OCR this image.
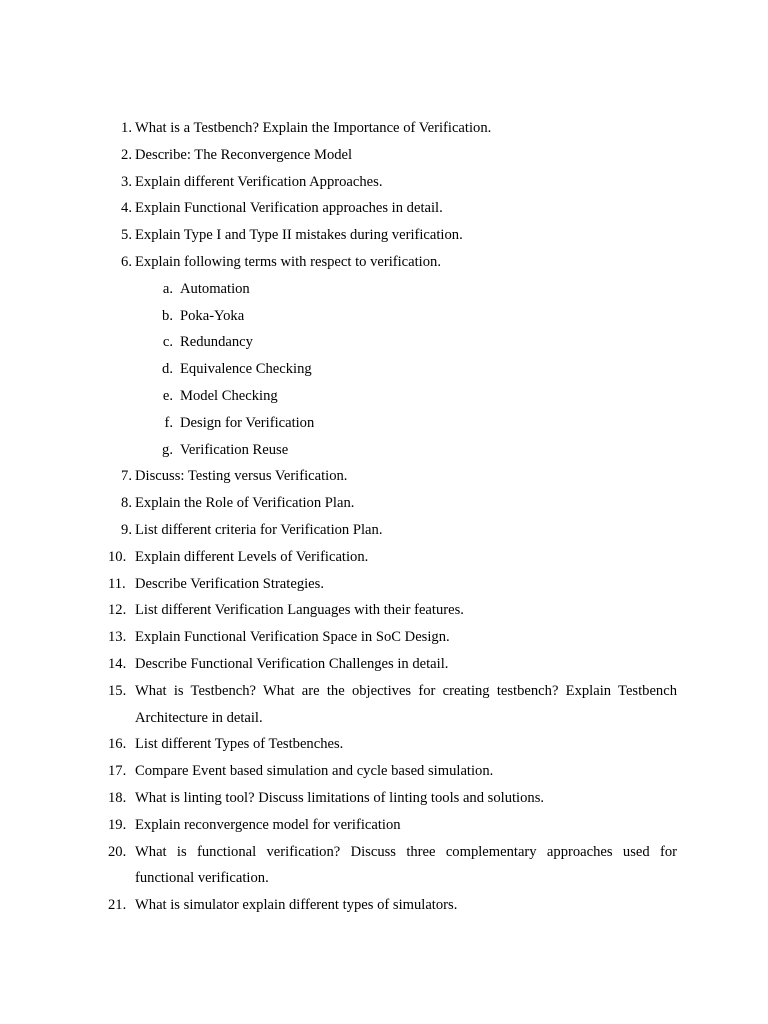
1. What is a Testbench? Explain the Importance of Verification.
2. Describe: The Reconvergence Model
3. Explain different Verification Approaches.
4. Explain Functional Verification approaches in detail.
5. Explain Type I and Type II mistakes during verification.
6. Explain following terms with respect to verification.
a. Automation
b. Poka-Yoka
c. Redundancy
d. Equivalence Checking
e. Model Checking
f. Design for Verification
g. Verification Reuse
7. Discuss: Testing versus Verification.
8. Explain the Role of Verification Plan.
9. List different criteria for Verification Plan.
10. Explain different Levels of Verification.
11. Describe Verification Strategies.
12. List different Verification Languages with their features.
13. Explain Functional Verification Space in SoC Design.
14. Describe Functional Verification Challenges in detail.
15. What is Testbench? What are the objectives for creating testbench? Explain Testbench Architecture in detail.
16. List different Types of Testbenches.
17. Compare Event based simulation and cycle based simulation.
18. What is linting tool? Discuss limitations of linting tools and solutions.
19. Explain reconvergence model for verification
20. What is functional verification? Discuss three complementary approaches used for functional verification.
21. What is simulator explain different types of simulators.
